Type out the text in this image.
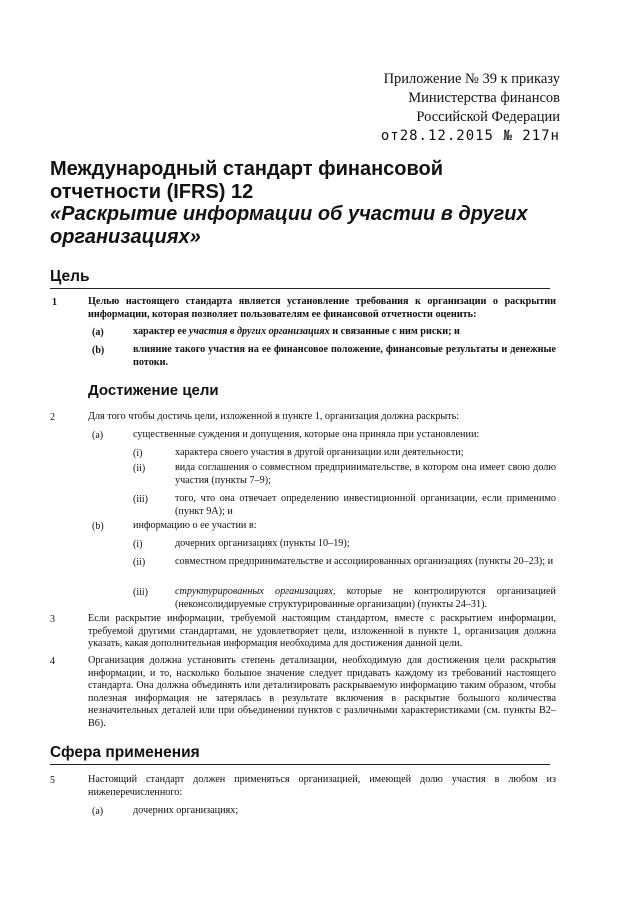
Приложение № 39 к приказу
Министерства финансов
Российской Федерации
от28.12.2015 № 217н
Международный стандарт финансовой
отчетности (IFRS) 12
«Раскрытие информации об участии в других
организациях»
Цель
1	Целью настоящего стандарта является установление требования к организации о раскрытии информации, которая позволяет пользователям ее финансовой отчетности оценить:
(a)	характер ее участия в других организациях и связанные с ним риски; и
(b)	влияние такого участия на ее финансовое положение, финансовые результаты и денежные потоки.
Достижение цели
2	Для того чтобы достичь цели, изложенной в пункте 1, организация должна раскрыть:
(a)	существенные суждения и допущения, которые она приняла при установлении:
(i)	характера своего участия в другой организации или деятельности;
(ii)	вида соглашения о совместном предпринимательстве, в котором она имеет свою долю участия (пункты 7–9);
(iii)	того, что она отвечает определению инвестиционной организации, если применимо (пункт 9А); и
(b)	информацию о ее участии в:
(i)	дочерних организациях (пункты 10–19);
(ii)	совместном предпринимательстве и ассоциированных организациях (пункты 20–23); и
(iii)	структурированных организациях, которые не контролируются организацией (неконсолидируемые структурированные организации) (пункты 24–31).
3	Если раскрытие информации, требуемой настоящим стандартом, вместе с раскрытием информации, требуемой другими стандартами, не удовлетворяет цели, изложенной в пункте 1, организация должна указать, какая дополнительная информация необходима для достижения данной цели.
4	Организация должна установить степень детализации, необходимую для достижения цели раскрытия информации, и то, насколько большое значение следует придавать каждому из требований настоящего стандарта. Она должна объединять или детализировать раскрываемую информацию таким образом, чтобы полезная информация не затерялась в результате включения в раскрытие большого количества незначительных деталей или при объединении пунктов с различными характеристиками (см. пункты В2–В6).
Сфера применения
5	Настоящий стандарт должен применяться организацией, имеющей долю участия в любом из нижеперечисленного:
(a)	дочерних организациях;
